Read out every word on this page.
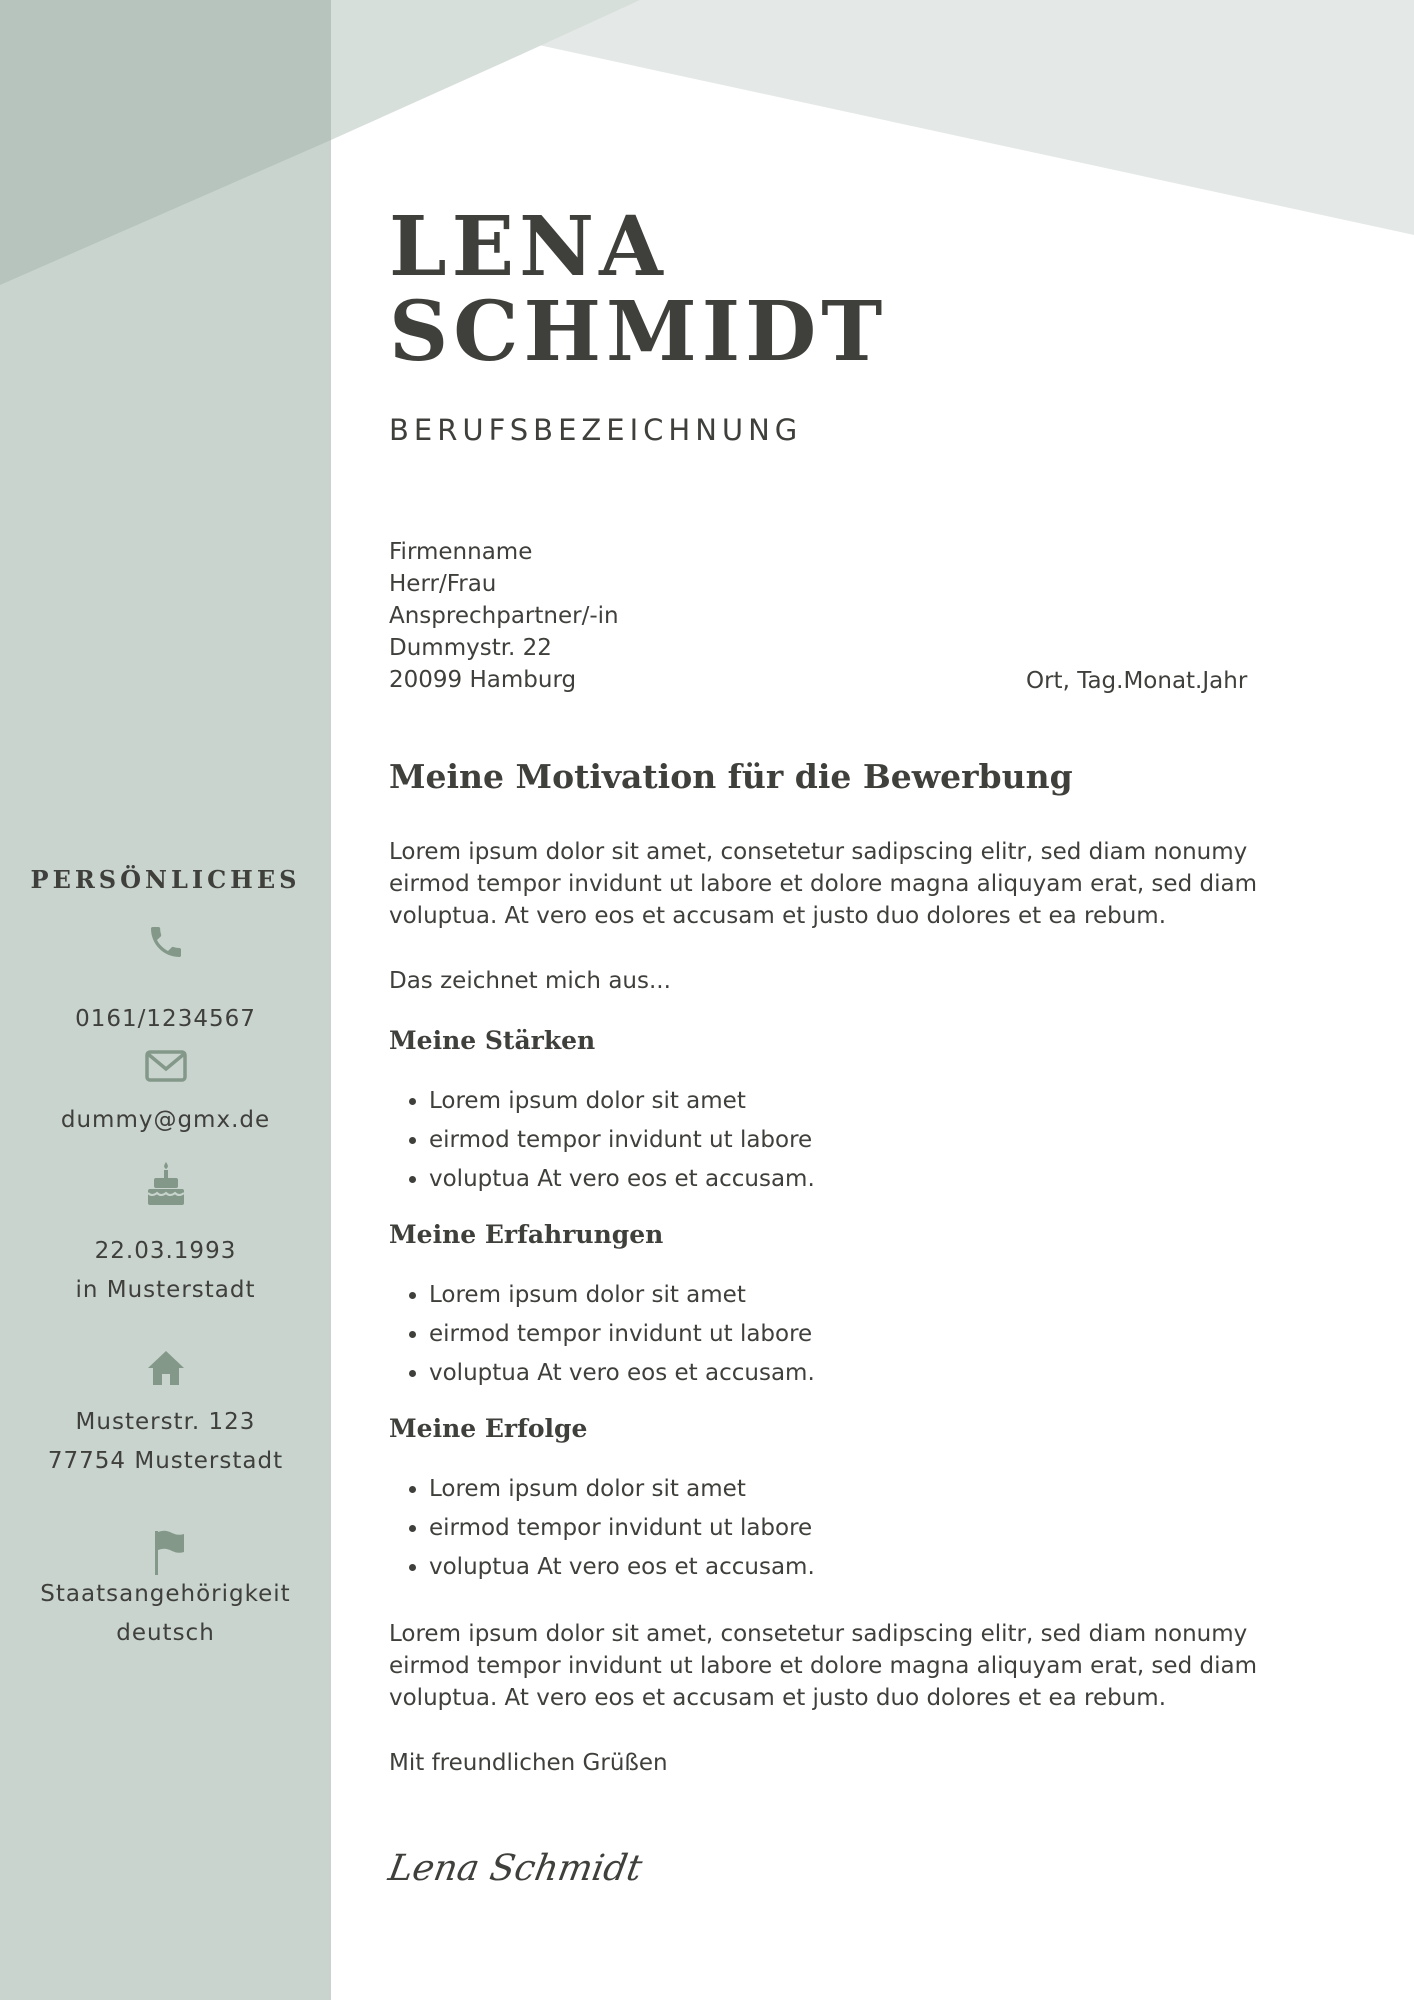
LENA
SCHMIDT
BERUFSBEZEICHNUNG
Firmenname
Herr/Frau
Ansprechpartner/-in
Dummystr. 22
20099 Hamburg	Ort, Tag.Monat.Jahr
Meine Motivation für die Bewerbung

Lorem ipsum dolor sit amet, consetetur sadipscing elitr, sed diam nonumy eirmod tempor invidunt ut labore et dolore magna aliquyam erat, sed diam voluptua. At vero eos et accusam et justo duo dolores et ea rebum.

Das zeichnet mich aus...

Meine Stärken
• Lorem ipsum dolor sit amet
• eirmod tempor invidunt ut labore
• voluptua At vero eos et accusam.
Meine Erfahrungen
• Lorem ipsum dolor sit amet
• eirmod tempor invidunt ut labore
• voluptua At vero eos et accusam.
Meine Erfolge
• Lorem ipsum dolor sit amet
• eirmod tempor invidunt ut labore
• voluptua At vero eos et accusam.

Lorem ipsum dolor sit amet, consetetur sadipscing elitr, sed diam nonumy eirmod tempor invidunt ut labore et dolore magna aliquyam erat, sed diam voluptua. At vero eos et accusam et justo duo dolores et ea rebum.

Mit freundlichen Grüßen

Lena Schmidt
PERSÖNLICHES
0161/1234567
dummy@gmx.de
22.03.1993
in Musterstadt
Musterstr. 123
77754 Musterstadt
Staatsangehörigkeit
deutsch
